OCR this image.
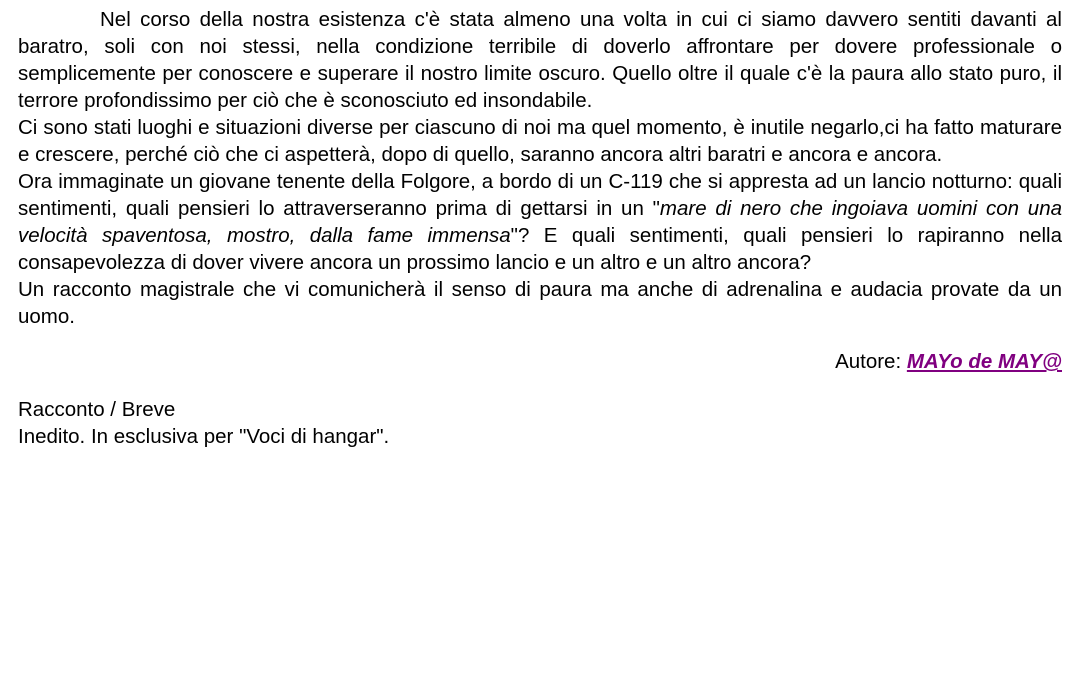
Nel corso della nostra esistenza c'è stata almeno una volta in cui ci siamo davvero sentiti davanti al baratro, soli con noi stessi, nella condizione terribile di doverlo affrontare per dovere professionale o semplicemente per conoscere e superare il nostro limite oscuro. Quello oltre il quale c'è la paura allo stato puro, il terrore profondissimo per ciò che è sconosciuto ed insondabile.

Ci sono stati luoghi e situazioni diverse per ciascuno di noi ma quel momento, è inutile negarlo,ci ha fatto maturare e crescere, perché ciò che ci aspetterà, dopo di quello, saranno ancora altri baratri e ancora e ancora.

Ora immaginate un giovane tenente della Folgore, a bordo di un C-119 che si appresta ad un lancio notturno: quali sentimenti, quali pensieri lo attraverseranno prima di gettarsi in un "mare di nero che ingoiava uomini con una velocità spaventosa, mostro, dalla fame immensa"? E quali sentimenti, quali pensieri lo rapiranno nella consapevolezza di dover vivere ancora un prossimo lancio e un altro e un altro ancora?

Un racconto magistrale che vi comunicherà il senso di paura ma anche di adrenalina e audacia provate da un uomo.

Autore: MAYo de MAY@

Racconto / Breve
Inedito. In esclusiva per "Voci di hangar".
